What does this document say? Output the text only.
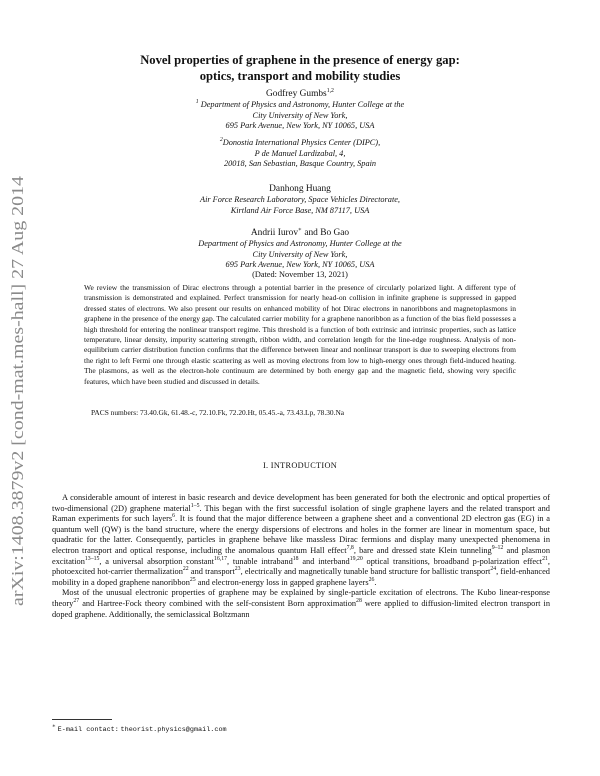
arXiv:1408.3879v2 [cond-mat.mes-hall] 27 Aug 2014
Novel properties of graphene in the presence of energy gap:
optics, transport and mobility studies
Godfrey Gumbs$^{1,2}$
$^1$ Department of Physics and Astronomy, Hunter College at the
City University of New York,
695 Park Avenue, New York, NY 10065, USA
$^2$Donostia International Physics Center (DIPC),
P de Manuel Lardizabal, 4,
20018, San Sebastian, Basque Country, Spain
Danhong Huang
Air Force Research Laboratory, Space Vehicles Directorate,
Kirtland Air Force Base, NM 87117, USA
Andrii Iurov∗ and Bo Gao
Department of Physics and Astronomy, Hunter College at the
City University of New York,
695 Park Avenue, New York, NY 10065, USA
(Dated: November 13, 2021)

We review the transmission of Dirac electrons through a potential barrier in the presence of circularly polarized light. A different type of transmission is demonstrated and explained. Perfect transmission for nearly head-on collision in infinite graphene is suppressed in gapped dressed states of electrons. We also present our results on enhanced mobility of hot Dirac electrons in nanoribbons and magnetoplasmons in graphene in the presence of the energy gap. The calculated carrier mobility for a graphene nanoribbon as a function of the bias field possesses a high threshold for entering the nonlinear transport regime. This threshold is a function of both extrinsic and intrinsic properties, such as lattice temperature, linear density, impurity scattering strength, ribbon width, and correlation length for the line-edge roughness. Analysis of non-equilibrium carrier distribution function confirms that the difference between linear and nonlinear transport is due to sweeping electrons from the right to left Fermi one through elastic scattering as well as moving electrons from low to high-energy ones through field-induced heating. The plasmons, as well as the electron-hole continuum are determined by both energy gap and the magnetic field, showing very specific features, which have been studied and discussed in details.

PACS numbers: 73.40.Gk, 61.48.-c, 72.10.Fk, 72.20.Ht, 05.45.-a, 73.43.Lp, 78.30.Na
I. INTRODUCTION

A considerable amount of interest in basic research and device development has been generated for both the electronic and optical properties of two-dimensional (2D) graphene material$^{1-5}$. This began with the first successful isolation of single graphene layers and the related transport and Raman experiments for such layers$^6$. It is found that the major difference between a graphene sheet and a conventional 2D electron gas (EG) in a quantum well (QW) is the band structure, where the energy dispersions of electrons and holes in the former are linear in momentum space, but quadratic for the latter. Consequently, particles in graphene behave like massless Dirac fermions and display many unexpected phenomena in electron transport and optical response, including the anomalous quantum Hall effect$^{7,8}$, bare and dressed state Klein tunneling$^{9-12}$ and plasmon excitation$^{13-15}$, a universal absorption constant$^{16,17}$, tunable intraband$^{18}$ and interband$^{19,20}$ optical transitions, broadband p-polarization effect$^{21}$, photoexcited hot-carrier thermalization$^{22}$ and transport$^{23}$, electrically and magnetically tunable band structure for ballistic transport$^{24}$, field-enhanced mobility in a doped graphene nanoribbon$^{25}$ and electron-energy loss in gapped graphene layers$^{26}$.

Most of the unusual electronic properties of graphene may be explained by single-particle excitation of electrons. The Kubo linear-response theory$^{27}$ and Hartree-Fock theory combined with the self-consistent Born approximation$^{28}$ were applied to diffusion-limited electron transport in doped graphene. Additionally, the semiclassical Boltzmann

∗ E-mail contact: theorist.physics@gmail.com
